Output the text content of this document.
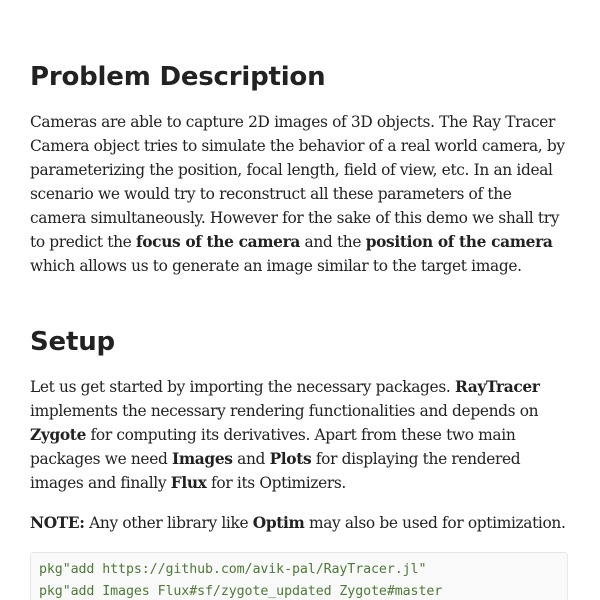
Problem Description

Cameras are able to capture 2D images of 3D objects. The Ray Tracer Camera object tries to simulate the behavior of a real world camera, by parameterizing the position, focal length, field of view, etc. In an ideal scenario we would try to reconstruct all these parameters of the camera simultaneously. However for the sake of this demo we shall try to predict the focus of the camera and the position of the camera which allows us to generate an image similar to the target image.

Setup

Let us get started by importing the necessary packages. RayTracer implements the necessary rendering functionalities and depends on Zygote for computing its derivatives. Apart from these two main packages we need Images and Plots for displaying the rendered images and finally Flux for its Optimizers.

NOTE: Any other library like Optim may also be used for optimization.

pkg"add https://github.com/avik-pal/RayTracer.jl"
pkg"add Images Flux#sf/zygote_updated Zygote#master
